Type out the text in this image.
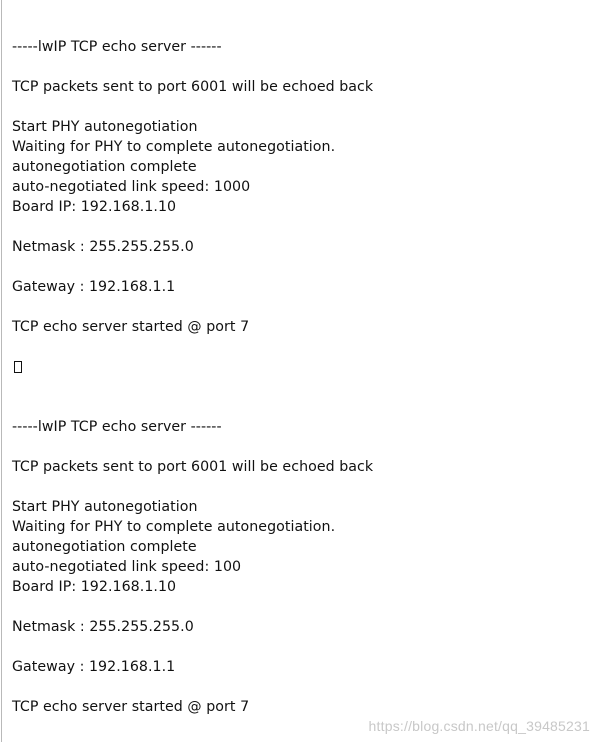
-----lwIP TCP echo server ------
TCP packets sent to port 6001 will be echoed back
Start PHY autonegotiation
Waiting for PHY to complete autonegotiation.
autonegotiation complete
auto-negotiated link speed: 1000
Board IP: 192.168.1.10
Netmask : 255.255.255.0
Gateway : 192.168.1.1
TCP echo server started @ port 7
-----lwIP TCP echo server ------
TCP packets sent to port 6001 will be echoed back
Start PHY autonegotiation
Waiting for PHY to complete autonegotiation.
autonegotiation complete
auto-negotiated link speed: 100
Board IP: 192.168.1.10
Netmask : 255.255.255.0
Gateway : 192.168.1.1
TCP echo server started @ port 7
https://blog.csdn.net/qq_39485231
